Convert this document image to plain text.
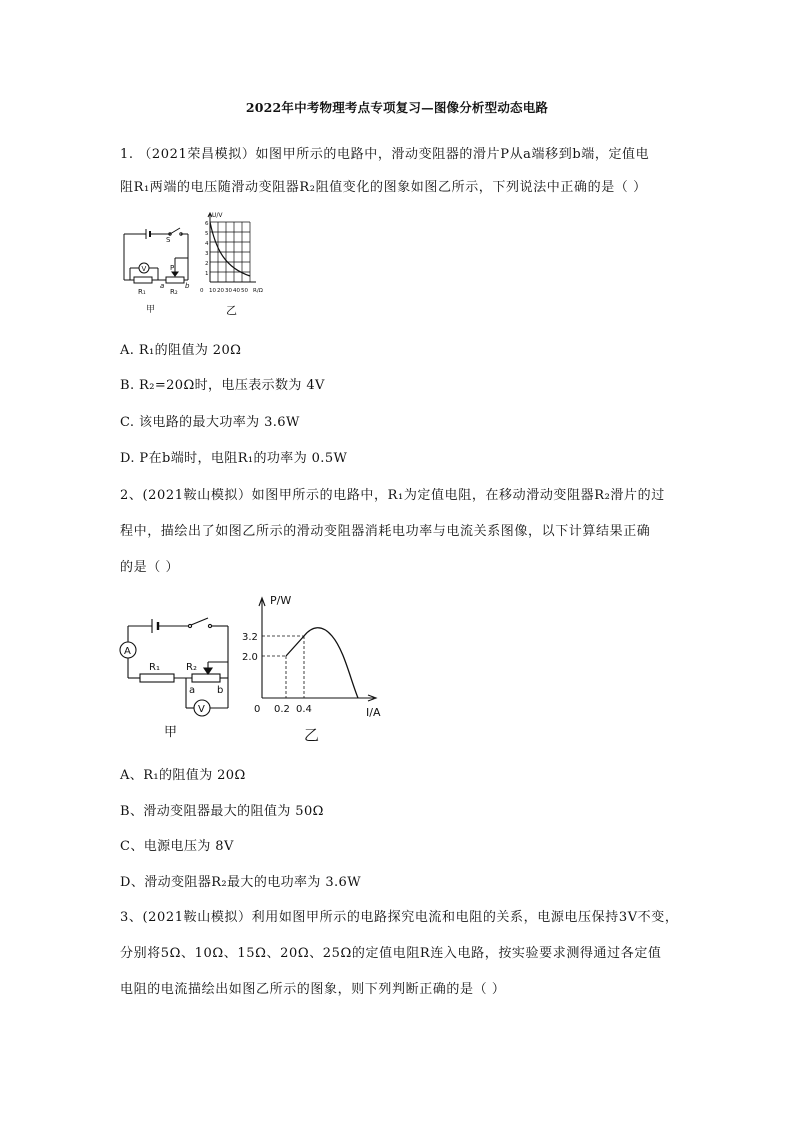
2022年中考物理考点专项复习—图像分析型动态电路
1. （2021荣昌模拟）如图甲所示的电路中，滑动变阻器的滑片P从a端移到b端，定值电
阻R₁两端的电压随滑动变阻器R₂阻值变化的图象如图乙所示，下列说法中正确的是（ ）
S
V	P
R₁
a
R₂
b
甲
U/V
6
5
4
3
2
1
0 10 20 30 40 50 R/Ω
乙
A. R₁的阻值为 20Ω
B. R₂=20Ω时，电压表示数为 4V
C. 该电路的最大功率为 3.6W
D. P在b端时，电阻R₁的功率为 0.5W
2、(2021鞍山模拟）如图甲所示的电路中，R₁为定值电阻，在移动滑动变阻器R₂滑片的过
程中，描绘出了如图乙所示的滑动变阻器消耗电功率与电流关系图像，以下计算结果正确
的是（ ）
A
R₁	R₂
a b
V
甲
P/W
3.2
2.0
0 0.2 0.4	I/A
乙
A、R₁的阻值为 20Ω
B、滑动变阻器最大的阻值为 50Ω
C、电源电压为 8V
D、滑动变阻器R₂最大的电功率为 3.6W
3、(2021鞍山模拟）利用如图甲所示的电路探究电流和电阻的关系，电源电压保持3V不变，
分别将5Ω、10Ω、15Ω、20Ω、25Ω的定值电阻R连入电路，按实验要求测得通过各定值
电阻的电流描绘出如图乙所示的图象，则下列判断正确的是（ ）
